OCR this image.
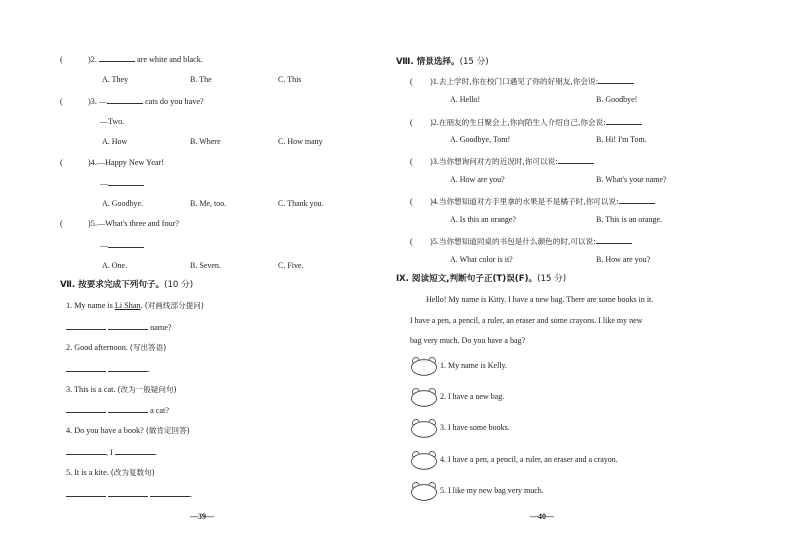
(	)2.	are white and black.
A. They	B. The	C. This
(	)3. —	cats do you have?
—Two.
A. How	B. Where	C. How many
(	)4.—Happy New Year!
—
A. Goodbye.	B. Me, too.	C. Thank you.
(	)5.—What's three and four?
—
A. One.	B. Seven.	C. Five.
Ⅶ. 按要求完成下列句子。(10 分)
1. My name is Li Shan. (对画线部分提问)
name?
2. Good afternoon. (写出答语)
.
3. This is a cat. (改为一般疑问句)
a cat?
4. Do you have a book? (做肯定回答)
, I	.
5. It is a kite. (改为复数句)
.
—39—
Ⅷ. 情景选择。(15 分)
( )1.去上学时,你在校门口遇见了你的好朋友,你会说:
A. Hello!	B. Goodbye!
( )2.在朋友的生日聚会上,你向陌生人介绍自己,你会说:
A. Goodbye, Tom!	B. Hi! I'm Tom.
( )3.当你想询问对方的近况时,你可以说:
A. How are you?	B. What's your name?
( )4.当你想知道对方手里拿的水果是不是橘子时,你可以说:
A. Is this an orange?	B. This is an orange.
( )5.当你想知道同桌的书包是什么颜色的时,可以说:
A. What color is it?	B. How are you?
Ⅸ. 阅读短文,判断句子正(T)误(F)。(15 分)
Hello! My name is Kitty. I have a new bag. There are some books in it.
I have a pen, a pencil, a ruler, an eraser and some crayons. I like my new
bag very much. Do you have a bag?
1. My name is Kelly.
2. I have a new bag.
3. I have some books.
4. I have a pen, a pencil, a ruler, an eraser and a crayon.
5. I like my new bag very much.
—40—
